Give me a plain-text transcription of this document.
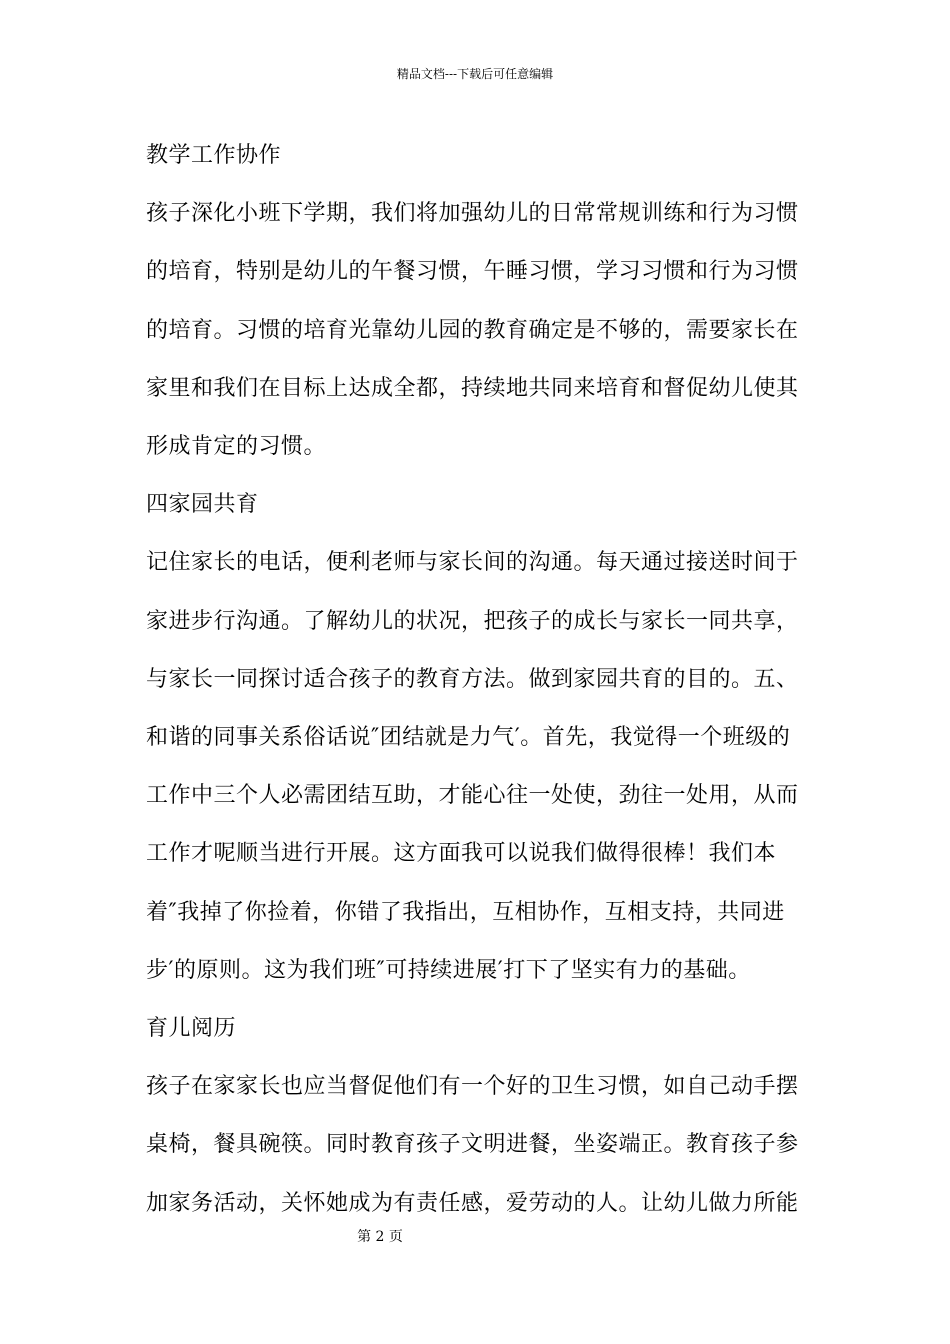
精品文档---下载后可任意编辑
教学工作协作
孩子深化小班下学期，我们将加强幼儿的日常常规训练和行为习惯
的培育，特别是幼儿的午餐习惯，午睡习惯，学习习惯和行为习惯
的培育。习惯的培育光靠幼儿园的教育确定是不够的，需要家长在
家里和我们在目标上达成全都，持续地共同来培育和督促幼儿使其
形成肯定的习惯。
四家园共育
记住家长的电话，便利老师与家长间的沟通。每天通过接送时间于
家进步行沟通。了解幼儿的状况，把孩子的成长与家长一同共享，
与家长一同探讨适合孩子的教育方法。做到家园共育的目的。五、
和谐的同事关系俗话说″团结就是力气′。首先，我觉得一个班级的
工作中三个人必需团结互助，才能心往一处使，劲往一处用，从而
工作才呢顺当进行开展。这方面我可以说我们做得很棒！我们本
着″我掉了你捡着，你错了我指出，互相协作，互相支持，共同进
步′的原则。这为我们班″可持续进展′打下了坚实有力的基础。
育儿阅历
孩子在家家长也应当督促他们有一个好的卫生习惯，如自己动手摆
桌椅，餐具碗筷。同时教育孩子文明进餐，坐姿端正。教育孩子参
加家务活动，关怀她成为有责任感，爱劳动的人。让幼儿做力所能
第 2 页
